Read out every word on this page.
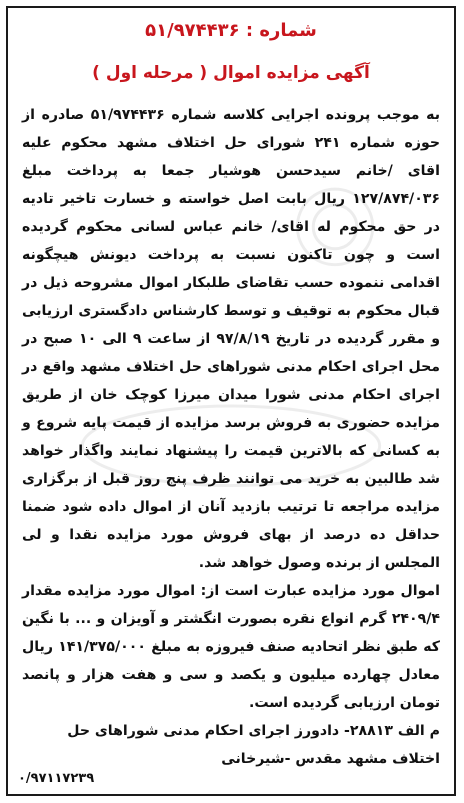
شماره : ۵۱/۹۷۴۴۳۶
آگهی مزایده اموال ( مرحله اول )

به موجب پرونده اجرایی کلاسه شماره ۵۱/۹۷۴۴۳۶ صادره از حوزه شماره ۲۴۱ شورای حل اختلاف مشهد محکوم علیه اقای /خانم سیدحسن هوشیار جمعا به پرداخت مبلغ ۱۲۷/۸۷۴/۰۳۶ ریال بابت اصل خواسته و خسارت تاخیر تادیه در حق محکوم له اقای/ خانم عباس لسانی محکوم گردیده است و چون تاکنون نسبت به پرداخت دیونش هیچگونه اقدامی ننموده حسب تقاضای طلبکار اموال مشروحه ذیل در قبال محکوم به توقیف و توسط کارشناس دادگستری ارزیابی و مقرر گردیده در تاریخ ۹۷/۸/۱۹ از ساعت ۹ الی ۱۰ صبح در محل اجرای احکام مدنی شوراهای حل اختلاف مشهد واقع در اجرای احکام مدنی شورا میدان میرزا کوچک خان از طریق مزایده حضوری به فروش برسد مزایده از قیمت پایه شروع و به کسانی که بالاترین قیمت را پیشنهاد نمایند واگذار خواهد شد طالبین به خرید می توانند ظرف پنج روز قبل از برگزاری مزایده مراجعه تا ترتیب بازدید آنان از اموال داده شود ضمنا حداقل ده درصد از بهای فروش مورد مزایده نقدا و لی المجلس از برنده وصول خواهد شد.

اموال مورد مزایده عبارت است از: اموال مورد مزایده مقدار ۲۴۰۹/۴ گرم انواع نقره بصورت انگشتر و آویزان و ... با نگین که طبق نظر اتحادیه صنف فیروزه به مبلغ ۱۴۱/۳۷۵/۰۰۰ ریال معادل چهارده میلیون و یکصد و سی و هفت هزار و پانصد تومان ارزیابی گردیده است.

م الف ۲۸۸۱۳- دادورز اجرای احکام مدنی شوراهای حل
اختلاف مشهد مقدس -شیرخانی
۰/۹۷۱۱۷۲۳۹
